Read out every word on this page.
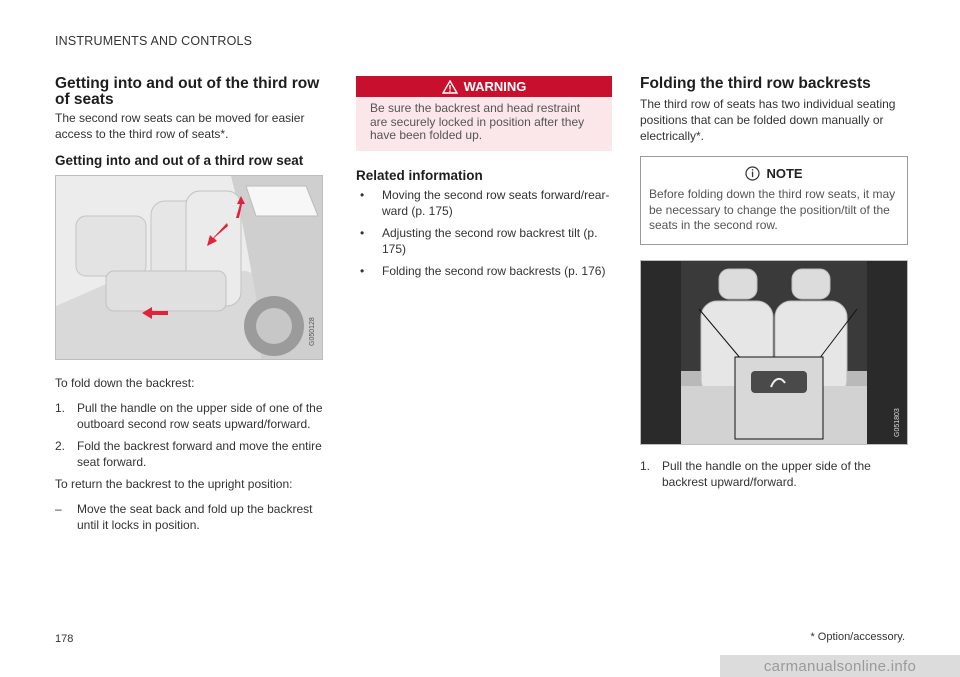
INSTRUMENTS AND CONTROLS
Getting into and out of the third row of seats

The second row seats can be moved for easier access to the third row of seats*.

Getting into and out of a third row seat
G050128

To fold down the backrest:

1. Pull the handle on the upper side of one of the outboard second row seats upward/forward.
2. Fold the backrest forward and move the entire seat forward.

To return the backrest to the upright position:

–	Move the seat back and fold up the backrest until it locks in position.
WARNING
Be sure the backrest and head restraint are securely locked in position after they have been folded up.
Related information
•	Moving the second row seats forward/rear-ward (p. 175)
•	Adjusting the second row backrest tilt (p. 175)
•	Folding the second row backrests (p. 176)
Folding the third row backrests

The third row of seats has two individual seating positions that can be folded down manually or electrically*.

NOTE
Before folding down the third row seats, it may be necessary to change the position/tilt of the seats in the second row.
G051803
1. Pull the handle on the upper side of the backrest upward/forward.
178	* Option/accessory.
carmanualsonline.info
